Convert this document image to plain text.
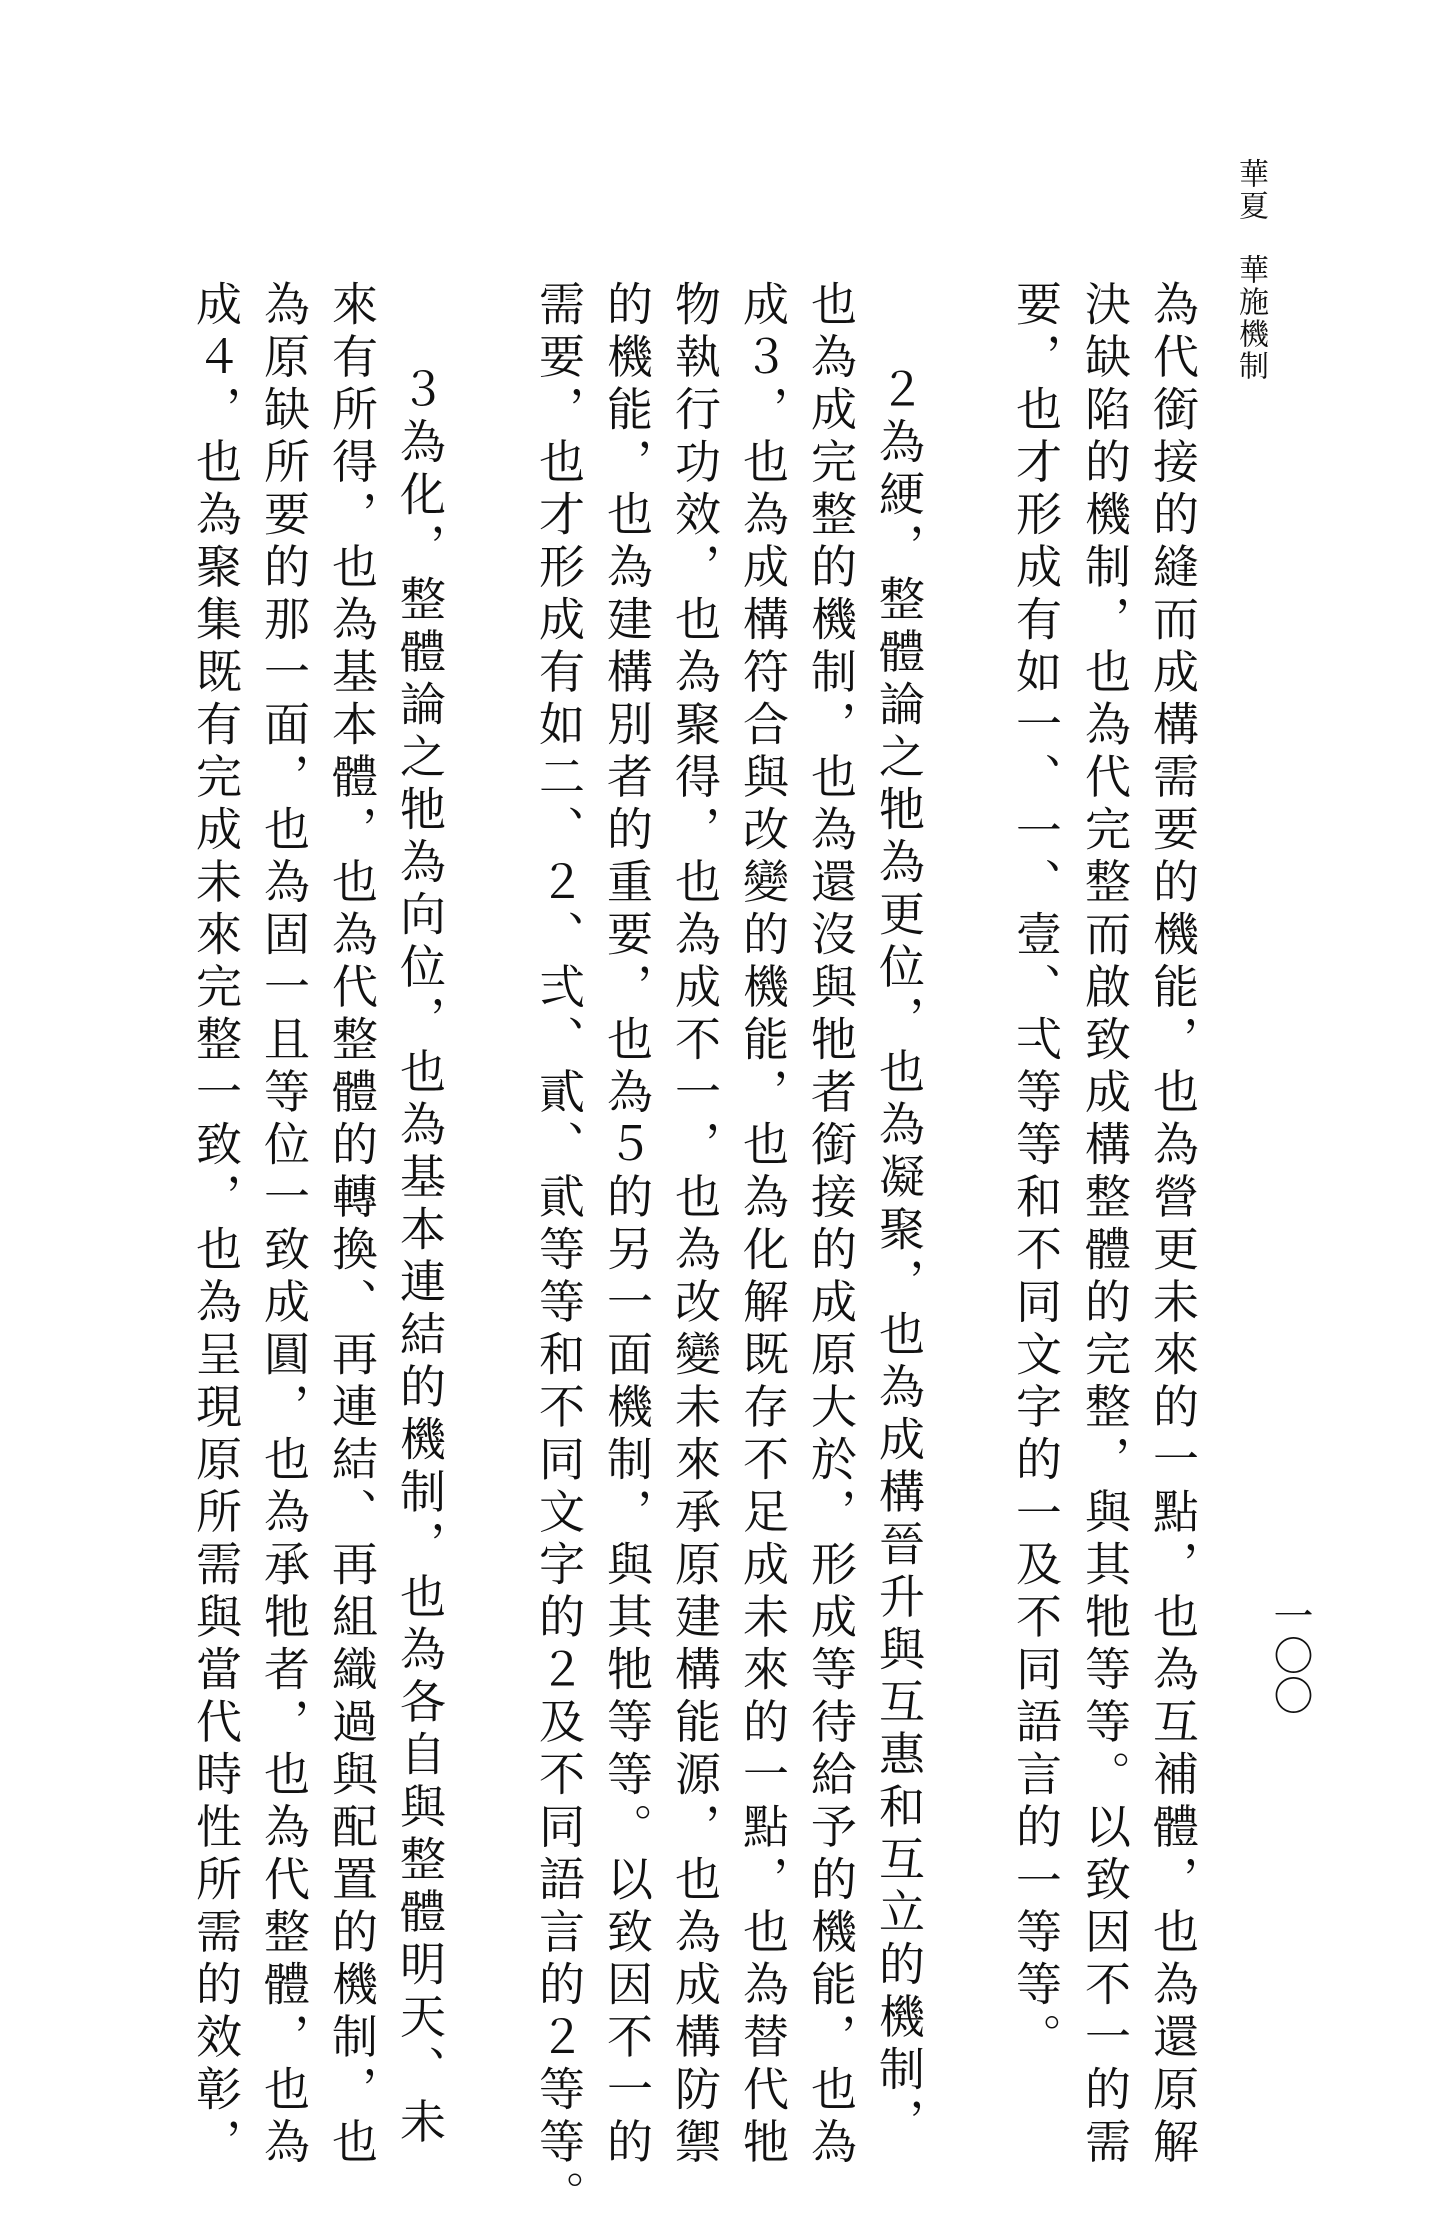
華夏　華施機制
一〇〇
為代銜接的縫而成構需要的機能，也為營更未來的一點，也為互補體，也為還原解
決缺陷的機制，也為代完整而啟致成構整體的完整，與其牠等等。以致因不一的需
要，也才形成有如一、㆒、壹、弌等等和不同文字的㆒及不同語言的㆒等等。
２為綆，整體論之牠為更位，也為凝聚，也為成構晉升與互惠和互立的機制，
也為成完整的機制，也為還沒與牠者銜接的成原大於，形成等待給予的機能，也為
成３，也為成構符合與改變的機能，也為化解既存不足成未來的一點，也為替代牠
物執行功效，也為聚得，也為成不一，也為改變未來承原建構能源，也為成構防禦
的機能，也為建構別者的重要，也為５的另一面機制，與其牠等等。以致因不一的
需要，也才形成有如二、２、弍、貳、貮等等和不同文字的２及不同語言的２等等。
３為化，整體論之牠為向位，也為基本連結的機制，也為各自與整體明天、未
來有所得，也為基本體，也為代整體的轉換、再連結、再組織過與配置的機制，也
為原缺所要的那一面，也為固一且等位一致成圓，也為承牠者，也為代整體，也為
成４，也為聚集既有完成未來完整一致，也為呈現原所需與當代時性所需的效彰，
